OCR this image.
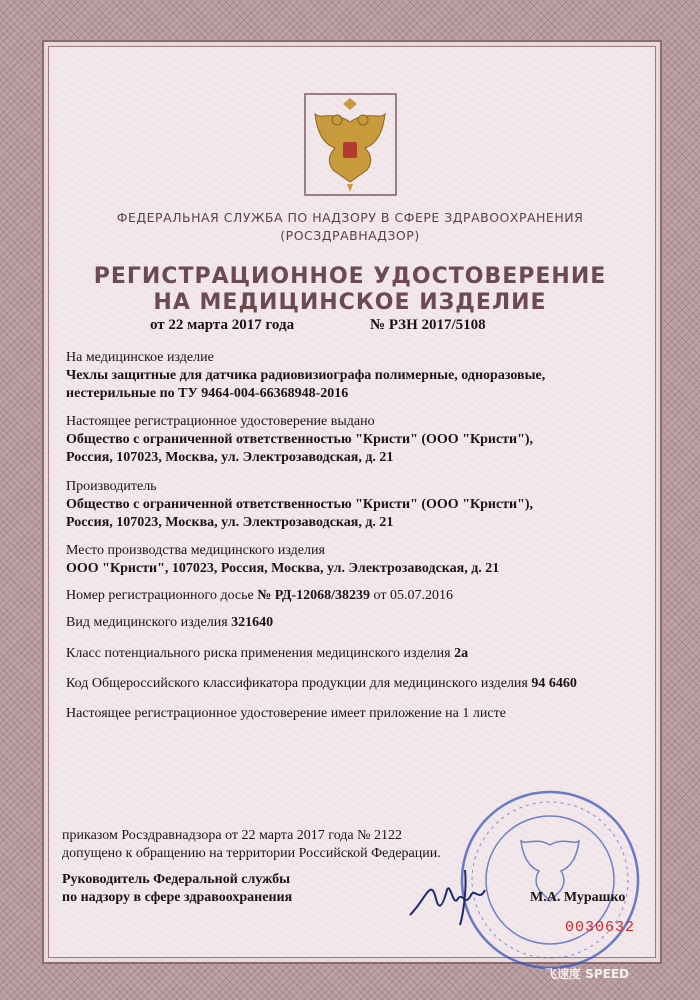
ФЕДЕРАЛЬНАЯ СЛУЖБА ПО НАДЗОРУ В СФЕРЕ ЗДРАВООХРАНЕНИЯ
(РОСЗДРАВНАДЗОР)
РЕГИСТРАЦИОННОЕ УДОСТОВЕРЕНИЕ
НА МЕДИЦИНСКОЕ ИЗДЕЛИЕ
от 22 марта 2017 года	№ РЗН 2017/5108
На медицинское изделие
Чехлы защитные для датчика радиовизиографа полимерные, одноразовые,
нестерильные по ТУ 9464-004-66368948-2016
Настоящее регистрационное удостоверение выдано
Общество с ограниченной ответственностью "Кристи" (ООО "Кристи"),
Россия, 107023, Москва, ул. Электрозаводская, д. 21
Производитель
Общество с ограниченной ответственностью "Кристи" (ООО "Кристи"),
Россия, 107023, Москва, ул. Электрозаводская, д. 21
Место производства медицинского изделия
ООО "Кристи", 107023, Россия, Москва, ул. Электрозаводская, д. 21
Номер регистрационного досье № РД-12068/38239 от 05.07.2016
Вид медицинского изделия 321640
Класс потенциального риска применения медицинского изделия 2а
Код Общероссийского классификатора продукции для медицинского изделия 94 6460
Настоящее регистрационное удостоверение имеет приложение на 1 листе
приказом Росздравнадзора от 22 марта 2017 года № 2122
допущено к обращению на территории Российской Федерации.
Руководитель Федеральной службы
по надзору в сфере здравоохранения	М.А. Мурашко
0030632
飞速度 SPEED
